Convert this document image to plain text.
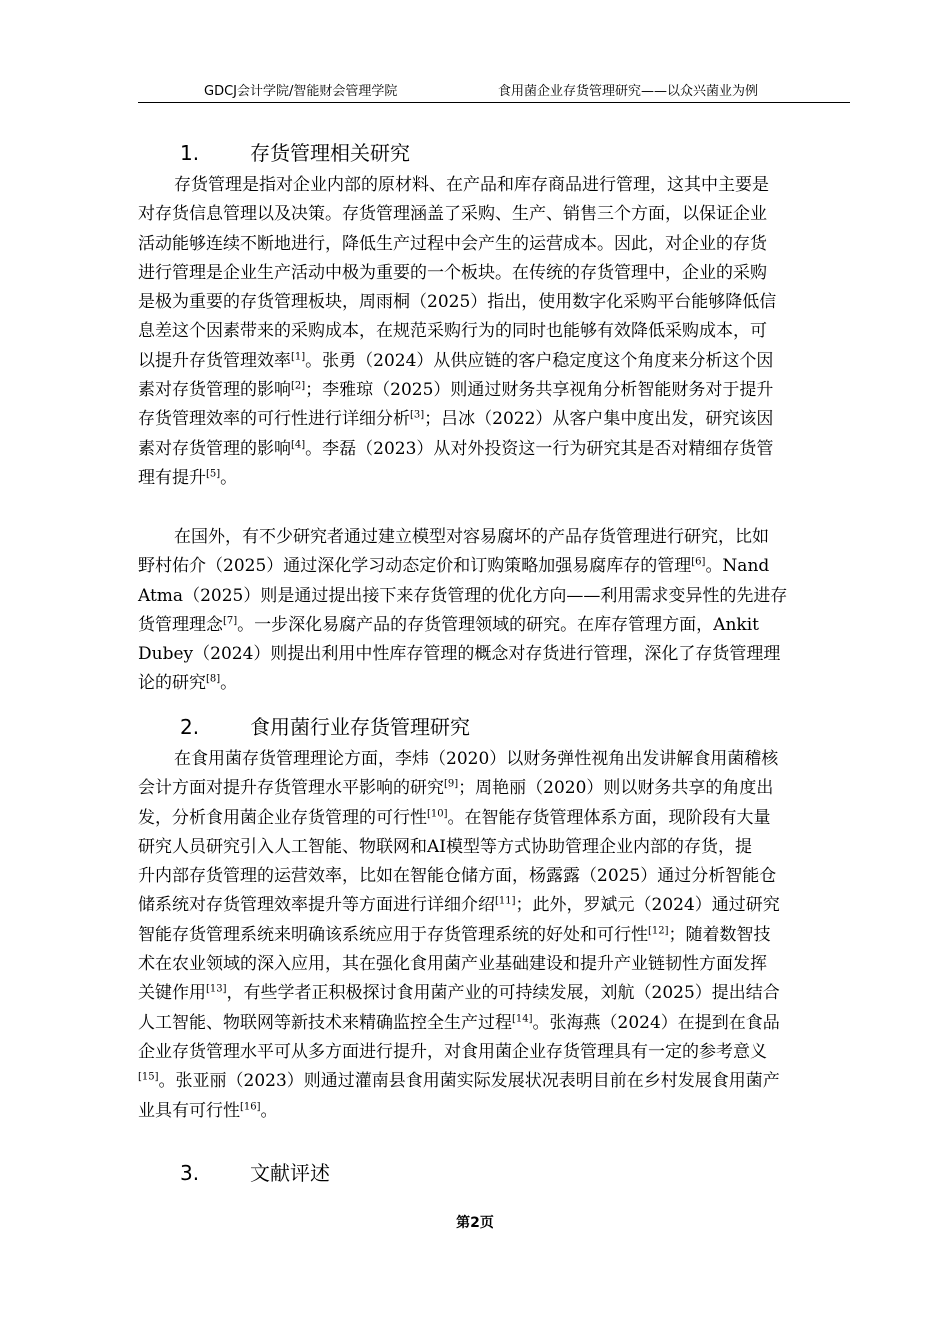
GDCJ会计学院/智能财会管理学院	食用菌企业存货管理研究——以众兴菌业为例
1.	存货管理相关研究
存货管理是指对企业内部的原材料、在产品和库存商品进行管理，这其中主要是
对存货信息管理以及决策。存货管理涵盖了采购、生产、销售三个方面，以保证企业
活动能够连续不断地进行，降低生产过程中会产生的运营成本。因此，对企业的存货
进行管理是企业生产活动中极为重要的一个板块。在传统的存货管理中，企业的采购
是极为重要的存货管理板块，周雨桐（2025）指出，使用数字化采购平台能够降低信
息差这个因素带来的采购成本，在规范采购行为的同时也能够有效降低采购成本，可
以提升存货管理效率[1]。张勇（2024）从供应链的客户稳定度这个角度来分析这个因
素对存货管理的影响[2]；李雅琼（2025）则通过财务共享视角分析智能财务对于提升
存货管理效率的可行性进行详细分析[3]；吕冰（2022）从客户集中度出发，研究该因
素对存货管理的影响[4]。李磊（2023）从对外投资这一行为研究其是否对精细存货管
理有提升[5]。
在国外，有不少研究者通过建立模型对容易腐坏的产品存货管理进行研究，比如
野村佑介（2025）通过深化学习动态定价和订购策略加强易腐库存的管理[6]。Nand
Atma（2025）则是通过提出接下来存货管理的优化方向——利用需求变异性的先进存
货管理理念[7]。一步深化易腐产品的存货管理领域的研究。在库存管理方面，Ankit
Dubey（2024）则提出利用中性库存管理的概念对存货进行管理，深化了存货管理理
论的研究[8]。
2.	食用菌行业存货管理研究
在食用菌存货管理理论方面，李炜（2020）以财务弹性视角出发讲解食用菌稽核
会计方面对提升存货管理水平影响的研究[9]；周艳丽（2020）则以财务共享的角度出
发，分析食用菌企业存货管理的可行性[10]。在智能存货管理体系方面，现阶段有大量
研究人员研究引入人工智能、物联网和AI模型等方式协助管理企业内部的存货，提
升内部存货管理的运营效率，比如在智能仓储方面，杨露露（2025）通过分析智能仓
储系统对存货管理效率提升等方面进行详细介绍[11]；此外，罗斌元（2024）通过研究
智能存货管理系统来明确该系统应用于存货管理系统的好处和可行性[12]；随着数智技
术在农业领域的深入应用，其在强化食用菌产业基础建设和提升产业链韧性方面发挥
关键作用[13]，有些学者正积极探讨食用菌产业的可持续发展，刘航（2025）提出结合
人工智能、物联网等新技术来精确监控全生产过程[14]。张海燕（2024）在提到在食品
企业存货管理水平可从多方面进行提升，对食用菌企业存货管理具有一定的参考意义
[15]。张亚丽（2023）则通过灌南县食用菌实际发展状况表明目前在乡村发展食用菌产
业具有可行性[16]。
3.	文献评述
第2页
